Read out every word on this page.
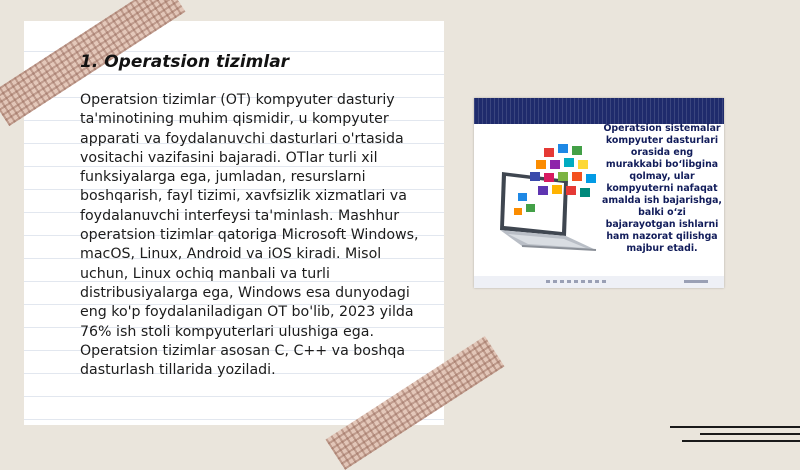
1. Operatsion tizimlar

Operatsion tizimlar (OT) kompyuter dasturiy ta'minotining muhim qismidir, u kompyuter apparati va foydalanuvchi dasturlari o'rtasida vositachi vazifasini bajaradi. OTlar turli xil funksiyalarga ega, jumladan, resurslarni boshqarish, fayl tizimi, xavfsizlik xizmatlari va foydalanuvchi interfeysi ta'minlash. Mashhur operatsion tizimlar qatoriga Microsoft Windows, macOS, Linux, Android va iOS kiradi. Misol uchun, Linux ochiq manbali va turli distribusiyalarga ega, Windows esa dunyodagi eng ko'p foydalaniladigan OT bo'lib, 2023 yilda 76% ish stoli kompyuterlari ulushiga ega. Operatsion tizimlar asosan C, C++ va boshqa dasturlash tillarida yoziladi.

Operatsion sistemalar kompyuter dasturlari orasida eng murakkabi boʻlibgina qolmay, ular kompyuterni nafaqat amalda ish bajarishga, balki oʻzi bajarayotgan ishlarni ham nazorat qilishga majbur etadi.
